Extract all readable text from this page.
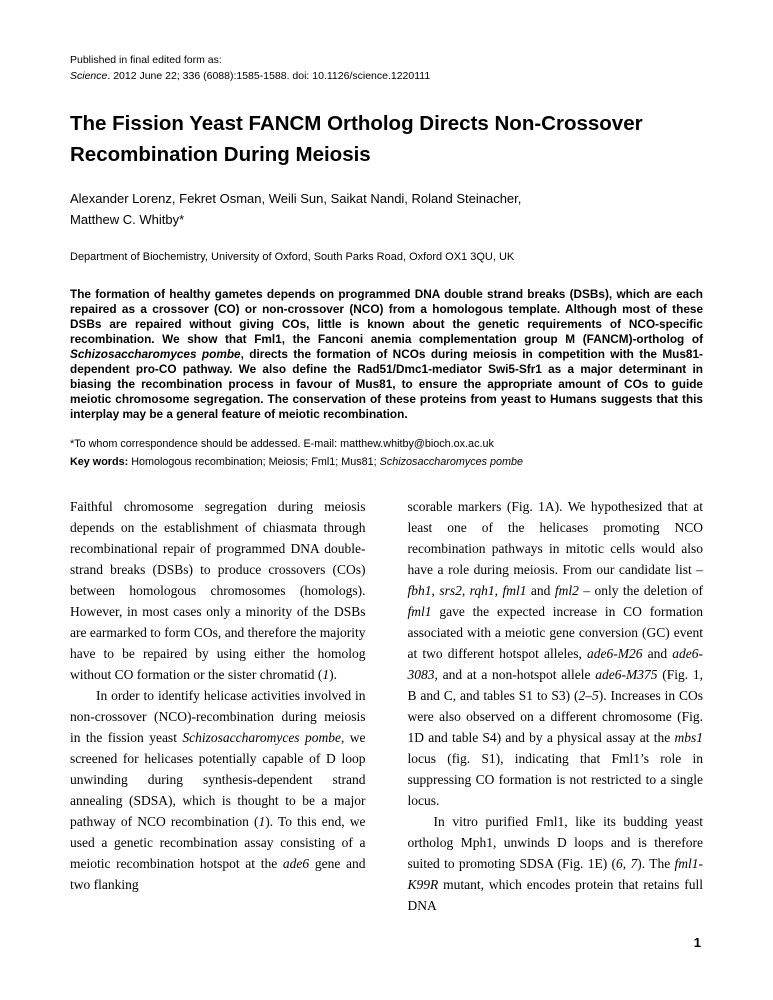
Published in final edited form as:
Science. 2012 June 22; 336 (6088):1585-1588. doi: 10.1126/science.1220111
The Fission Yeast FANCM Ortholog Directs Non-Crossover Recombination During Meiosis
Alexander Lorenz, Fekret Osman, Weili Sun, Saikat Nandi, Roland Steinacher,
Matthew C. Whitby*
Department of Biochemistry, University of Oxford, South Parks Road, Oxford OX1 3QU, UK
The formation of healthy gametes depends on programmed DNA double strand breaks (DSBs), which are each repaired as a crossover (CO) or non-crossover (NCO) from a homologous template. Although most of these DSBs are repaired without giving COs, little is known about the genetic requirements of NCO-specific recombination. We show that Fml1, the Fanconi anemia complementation group M (FANCM)-ortholog of Schizosaccharomyces pombe, directs the formation of NCOs during meiosis in competition with the Mus81-dependent pro-CO pathway. We also define the Rad51/Dmc1-mediator Swi5-Sfr1 as a major determinant in biasing the recombination process in favour of Mus81, to ensure the appropriate amount of COs to guide meiotic chromosome segregation. The conservation of these proteins from yeast to Humans suggests that this interplay may be a general feature of meiotic recombination.
*To whom correspondence should be addessed. E-mail: matthew.whitby@bioch.ox.ac.uk
Key words: Homologous recombination; Meiosis; Fml1; Mus81; Schizosaccharomyces pombe

Faithful chromosome segregation during meiosis depends on the establishment of chiasmata through recombinational repair of programmed DNA double-strand breaks (DSBs) to produce crossovers (COs) between homologous chromosomes (homologs). However, in most cases only a minority of the DSBs are earmarked to form COs, and therefore the majority have to be repaired by using either the homolog without CO formation or the sister chromatid (1).

In order to identify helicase activities involved in non-crossover (NCO)-recombination during meiosis in the fission yeast Schizosaccharomyces pombe, we screened for helicases potentially capable of D loop unwinding during synthesis-dependent strand annealing (SDSA), which is thought to be a major pathway of NCO recombination (1). To this end, we used a genetic recombination assay consisting of a meiotic recombination hotspot at the ade6 gene and two flanking

scorable markers (Fig. 1A). We hypothesized that at least one of the helicases promoting NCO recombination pathways in mitotic cells would also have a role during meiosis. From our candidate list – fbh1, srs2, rqh1, fml1 and fml2 – only the deletion of fml1 gave the expected increase in CO formation associated with a meiotic gene conversion (GC) event at two different hotspot alleles, ade6-M26 and ade6-3083, and at a non-hotspot allele ade6-M375 (Fig. 1, B and C, and tables S1 to S3) (2–5). Increases in COs were also observed on a different chromosome (Fig. 1D and table S4) and by a physical assay at the mbs1 locus (fig. S1), indicating that Fml1’s role in suppressing CO formation is not restricted to a single locus.

In vitro purified Fml1, like its budding yeast ortholog Mph1, unwinds D loops and is therefore suited to promoting SDSA (Fig. 1E) (6, 7). The fml1-K99R mutant, which encodes protein that retains full DNA

1
